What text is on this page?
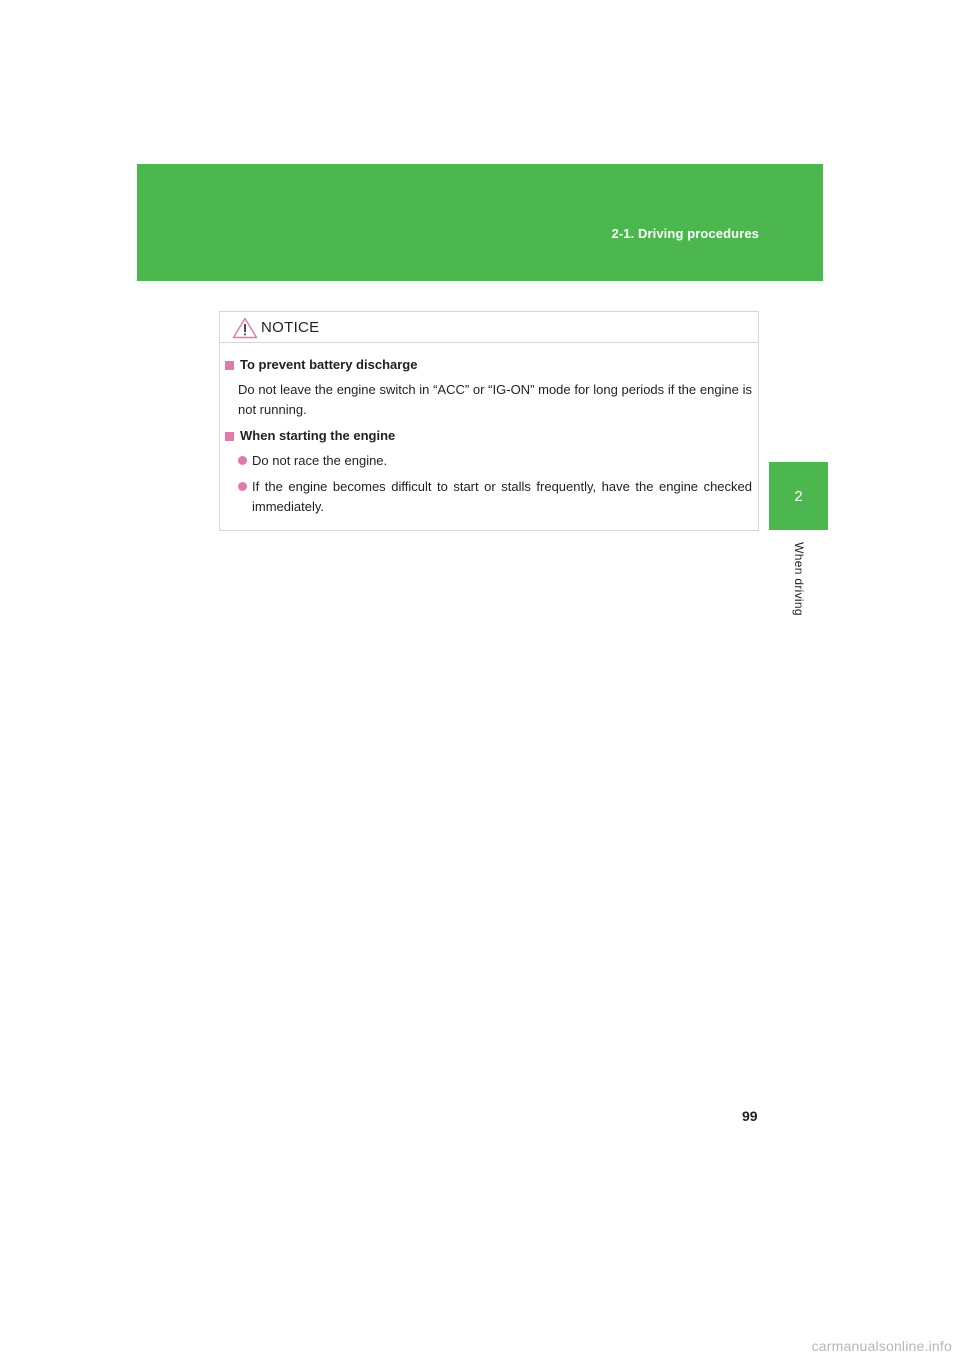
2-1. Driving procedures
2
When driving
NOTICE
To prevent battery discharge
Do not leave the engine switch in “ACC” or “IG-ON” mode for long periods if the engine is not running.
When starting the engine
Do not race the engine.
If the engine becomes difficult to start or stalls frequently, have the engine checked immediately.
99
carmanualsonline.info
